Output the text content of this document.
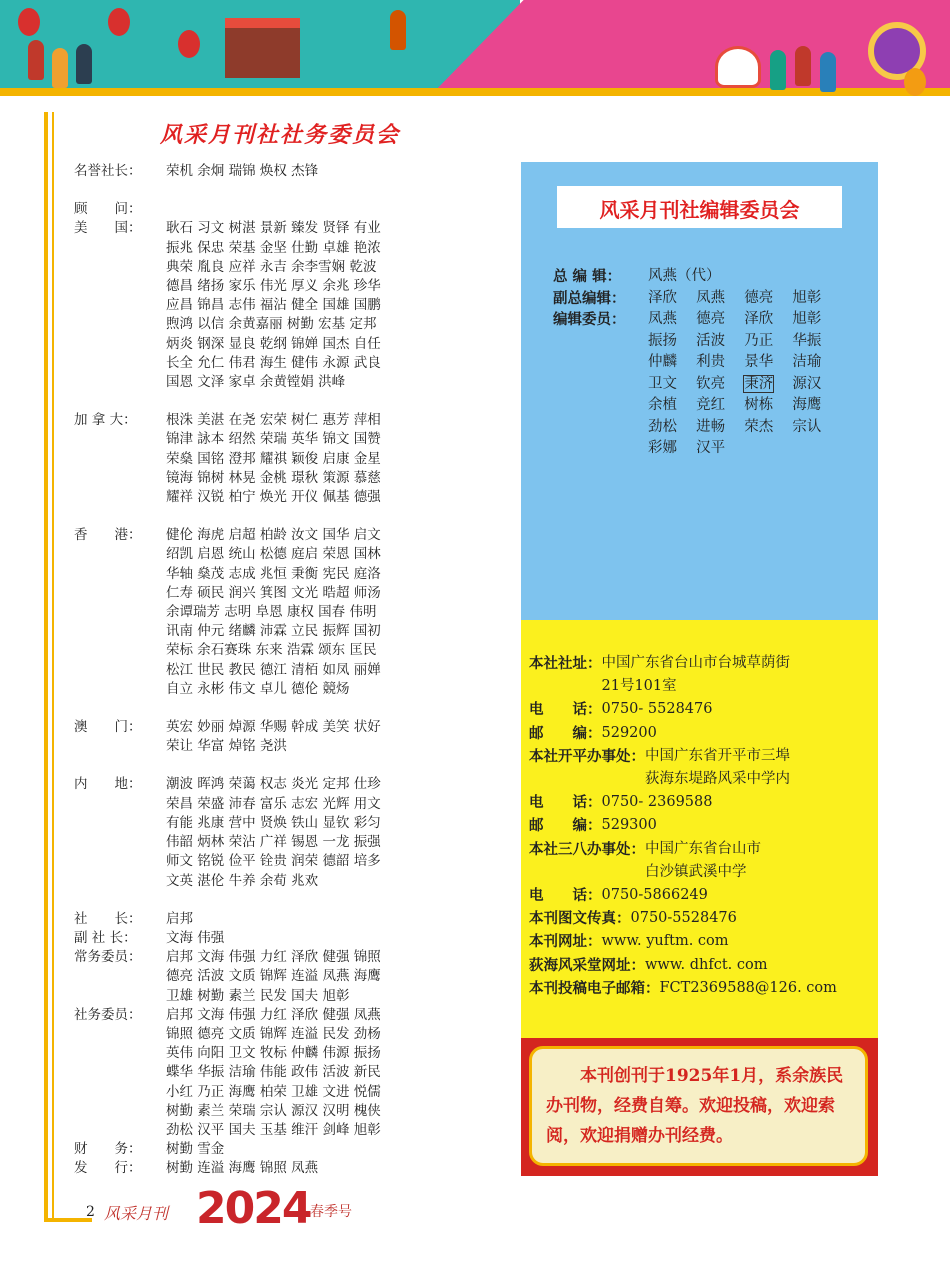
风采月刊社社务委员会
名誉社长：	荣机 余炯 瑞锦 焕权 杰锋
顾　　问：
美　　国：	耿石 习文 树湛 景新 臻发 贤铎 有业
振兆 保忠 荣基 金坚 仕勤 卓雄 艳浓
典荣 胤良 应祥 永吉 余李雪娴 乾波
德昌 绪扬 家乐 伟光 厚义 余兆 珍华
应昌 锦昌 志伟 福沾 健全 国雄 国鹏
煦鸿 以信 余黄嘉丽 树勤 宏基 定邦
炳炎 钢深 显良 乾纲 锦婵 国杰 自任
长全 允仁 伟君 海生 健伟 永源 武良
国恩 文泽 家卓 余黄镗娟 洪峰
加 拿 大：	根洙 美湛 在尧 宏荣 树仁 惠芳 萍相
锦津 詠本 绍然 荣瑞 英华 锦文 国赞
荣燊 国铭 澄邦 耀祺 颖俊 启康 金星
镜海 锦树 林晃 金桃 璟秋 策源 慕慈
耀祥 汉锐 柏宁 焕光 开仪 佩基 德强
香　　港：	健伦 海虎 启超 柏龄 汝文 国华 启文
绍凯 启恩 统山 松德 庭启 荣恩 国林
华轴 燊茂 志成 兆恒 秉衡 宪民 庭洛
仁寿 硕民 润兴 箕图 文光 晧超 师汤
余谭瑞芳 志明 阜恩 康权 国春 伟明
讯南 仲元 绪麟 沛霖 立民 振辉 国初
荣标 余石赛珠 东来 浩霖 颂东 匡民
松江 世民 教民 德江 清栢 如凤 丽婵
自立 永彬 伟文 卓儿 德伦 競炀
澳　　门：	英宏 妙丽 焯源 华赐 幹成 美笑 状好
荣让 华富 焯铭 尧洪
内　　地：	潮波 晖鸿 荣蔼 权志 炎光 定邦 仕珍
荣昌 荣盛 沛春 富乐 志宏 光辉 用文
有能 兆康 营中 贤焕 铁山 显钦 彩匀
伟韶 炳林 荣沾 广祥 锡恩 一龙 振强
师文 铭锐 俭平 铨贵 润荣 德韶 培多
文英 湛伦 牛养 余荀 兆欢
社　　长：	启邦
副 社 长：	文海 伟强
常务委员：	启邦 文海 伟强 力红 泽欣 健强 锦照
德亮 活波 文质 锦辉 连溢 凤燕 海鹰
卫雄 树勤 素兰 民发 国夫 旭彰
社务委员：	启邦 文海 伟强 力红 泽欣 健强 凤燕
锦照 德亮 文质 锦辉 连溢 民发 劲杨
英伟 向阳 卫文 牧标 仲麟 伟源 振扬
蝶华 华振 洁瑜 伟能 政伟 活波 新民
小红 乃正 海鹰 柏荣 卫雄 文进 悦儒
树勤 素兰 荣瑞 宗认 源汉 汉明 槐侠
劲松 汉平 国夫 玉基 维汗 剑峰 旭彰
财　　务：	树勤 雪金
发　　行：	树勤 连溢 海鹰 锦照 凤燕
风采月刊社编辑委员会
总 编 辑：	风燕（代）
副总编辑：	泽欣　 凤燕　 德亮　 旭彰
编辑委员：	凤燕　 德亮　 泽欣　 旭彰
振扬　 活波　 乃正　 华振
仲麟　 利贵　 景华　 洁瑜
卫文　 钦亮　 秉济　 源汉
余植　 竞红　 树栋　 海鹰
劲松　 进畅　 荣杰　 宗认
彩娜　 汉平
本社社址： 中国广东省台山市台城草荫街

21号101室
电　　话： 0750- 5528476
邮　　编： 529200
本社开平办事处： 中国广东省开平市三埠

荻海东堤路风采中学内
电　　话： 0750- 2369588
邮　　编： 529300
本社三八办事处： 中国广东省台山市

白沙镇武溪中学
电　　话： 0750-5866249
本刊图文传真： 0750-5528476
本刊网址： www. yuftm. com
荻海风采堂网址： www. dhfct. com
本刊投稿电子邮箱： FCT2369588@126. com
本刊创刊于1925年1月，系余族民办刊物，经费自筹。欢迎投稿，欢迎索阅，欢迎捐赠办刊经费。
2 风采月刊 2024 春季号
